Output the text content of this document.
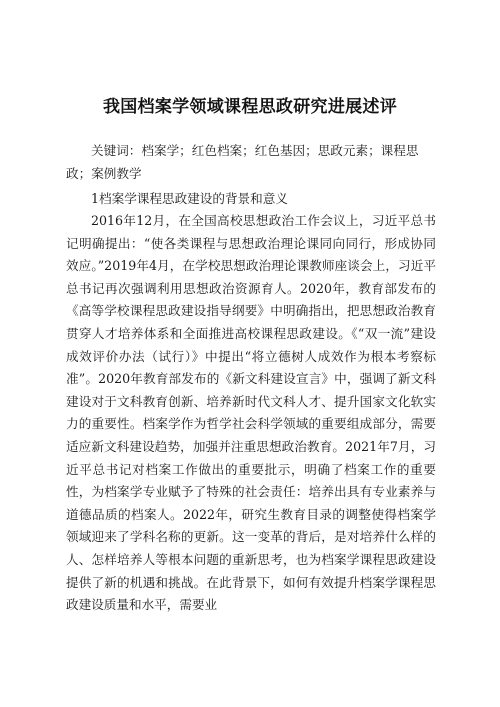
我国档案学领域课程思政研究进展述评
关键词：档案学；红色档案；红色基因；思政元素；课程思政；案例教学
1档案学课程思政建设的背景和意义
2016年12月，在全国高校思想政治工作会议上，习近平总书记明确提出：“使各类课程与思想政治理论课同向同行，形成协同效应。”2019年4月，在学校思想政治理论课教师座谈会上，习近平总书记再次强调利用思想政治资源育人。2020年，教育部发布的《高等学校课程思政建设指导纲要》中明确指出，把思想政治教育贯穿人才培养体系和全面推进高校课程思政建设。《“双一流”建设成效评价办法（试行）》中提出“将立德树人成效作为根本考察标准”。2020年教育部发布的《新文科建设宣言》中，强调了新文科建设对于文科教育创新、培养新时代文科人才、提升国家文化软实力的重要性。档案学作为哲学社会科学领域的重要组成部分，需要适应新文科建设趋势，加强并注重思想政治教育。2021年7月，习近平总书记对档案工作做出的重要批示，明确了档案工作的重要性，为档案学专业赋予了特殊的社会责任：培养出具有专业素养与道德品质的档案人。2022年，研究生教育目录的调整使得档案学领域迎来了学科名称的更新。这一变革的背后，是对培养什么样的人、怎样培养人等根本问题的重新思考，也为档案学课程思政建设提供了新的机遇和挑战。在此背景下，如何有效提升档案学课程思政建设质量和水平，需要业
